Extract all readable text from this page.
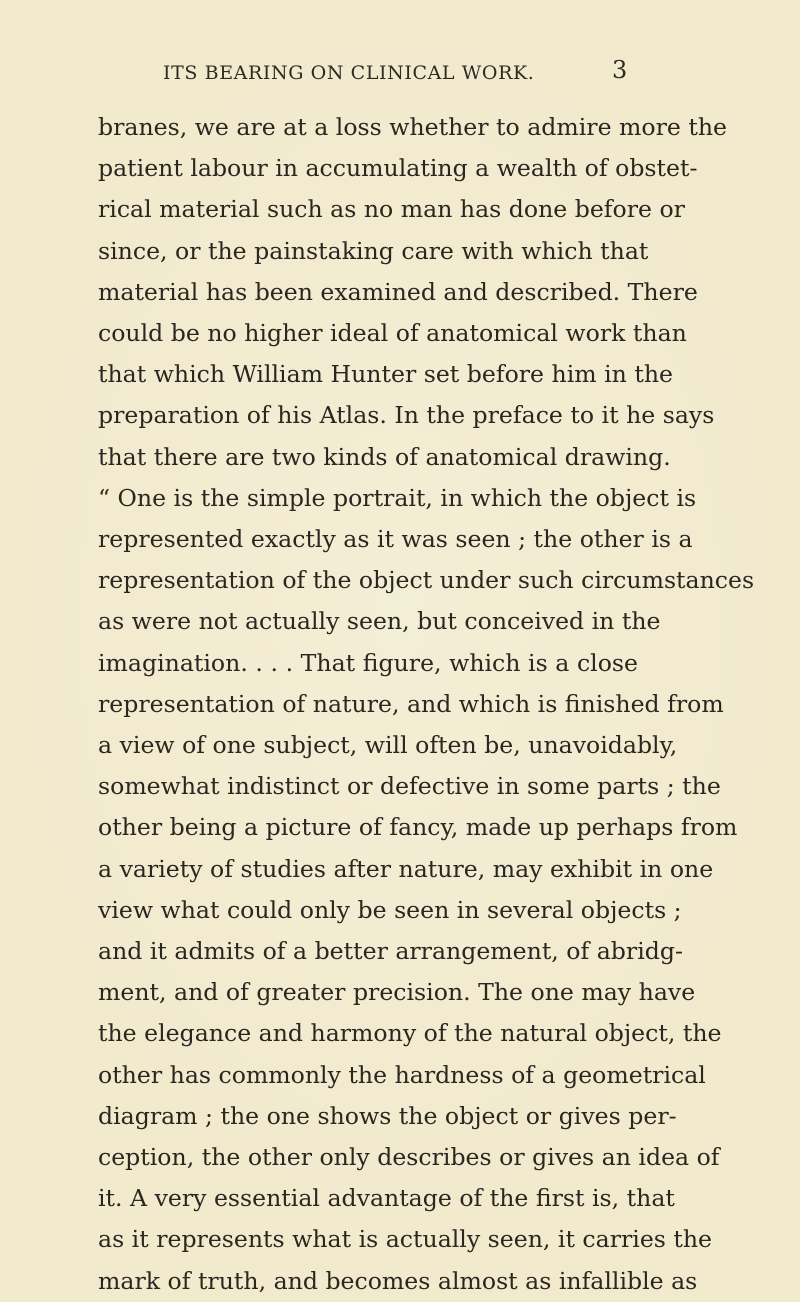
ITS BEARING ON CLINICAL WORK.	3
branes, we are at a loss whether to admire more the
patient labour in accumulating a wealth of obstet-
rical material such as no man has done before or
since, or the painstaking care with which that
material has been examined and described. There
could be no higher ideal of anatomical work than
that which William Hunter set before him in the
preparation of his Atlas. In the preface to it he says
that there are two kinds of anatomical drawing.
“ One is the simple portrait, in which the object is
represented exactly as it was seen ; the other is a
representation of the object under such circumstances
as were not actually seen, but conceived in the
imagination. . . . That figure, which is a close
representation of nature, and which is finished from
a view of one subject, will often be, unavoidably,
somewhat indistinct or defective in some parts ; the
other being a picture of fancy, made up perhaps from
a variety of studies after nature, may exhibit in one
view what could only be seen in several objects ;
and it admits of a better arrangement, of abridg-
ment, and of greater precision. The one may have
the elegance and harmony of the natural object, the
other has commonly the hardness of a geometrical
diagram ; the one shows the object or gives per-
ception, the other only describes or gives an idea of
it. A very essential advantage of the first is, that
as it represents what is actually seen, it carries the
mark of truth, and becomes almost as infallible as
